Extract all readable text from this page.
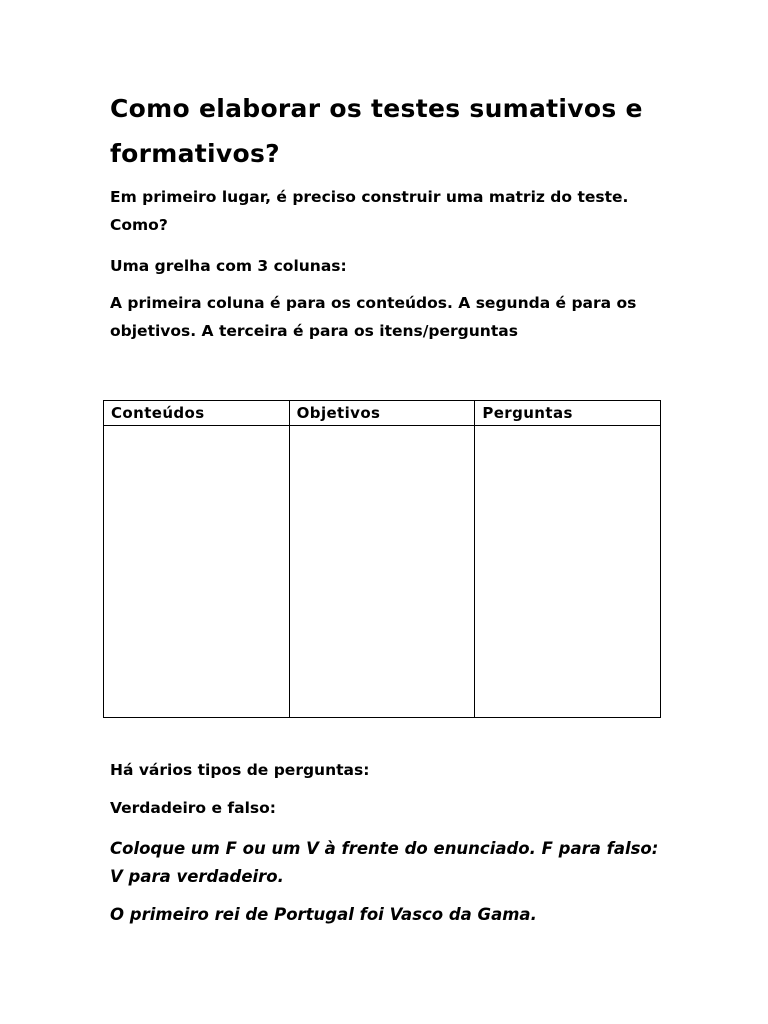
Como elaborar os testes sumativos e formativos?

Em primeiro lugar, é preciso construir uma matriz do teste. Como?

Uma grelha com 3 colunas:

A primeira coluna é para os conteúdos. A segunda é para os objetivos. A terceira é para os itens/perguntas

Conteúdos	Objetivos	Perguntas

Há vários tipos de perguntas:

Verdadeiro e falso:

Coloque um F ou um V à frente do enunciado. F para falso: V para verdadeiro.

O primeiro rei de Portugal foi Vasco da Gama.
